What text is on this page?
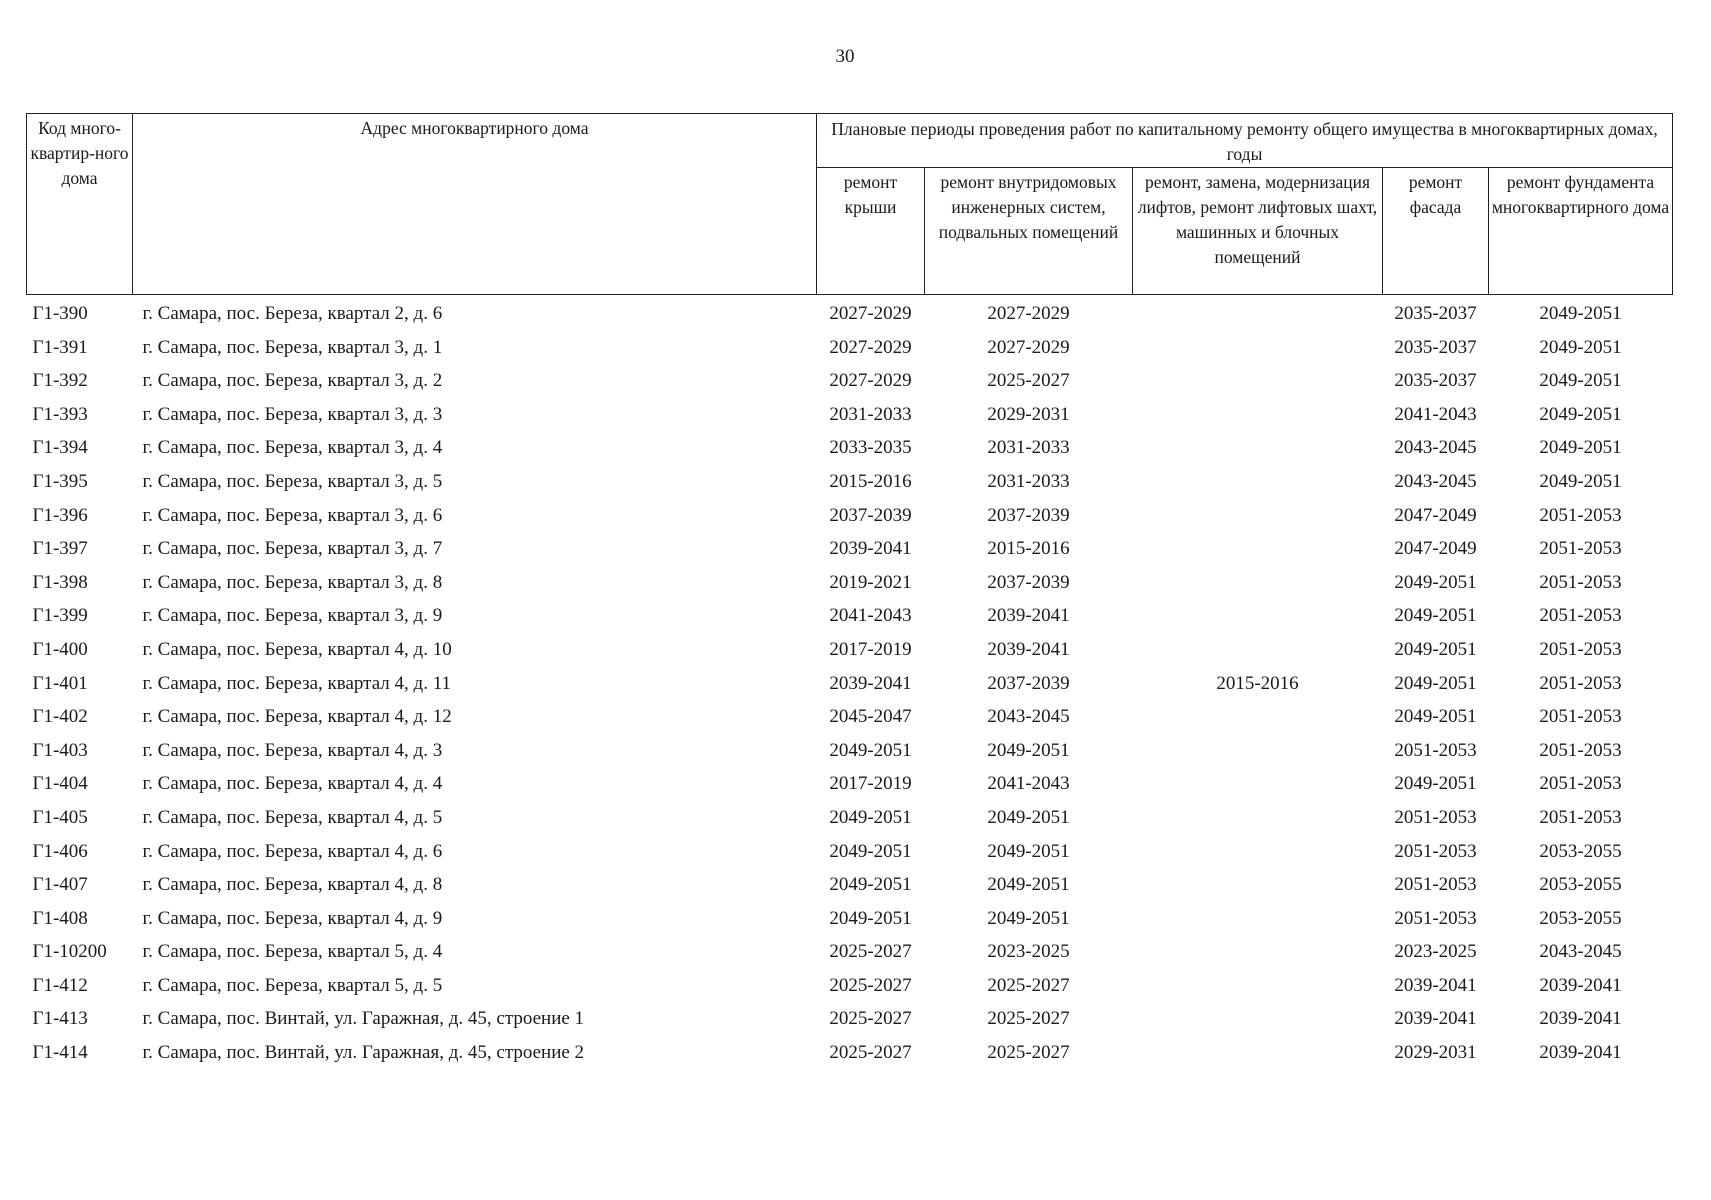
30
Код много-квартир-ного дома	Адрес многоквартирного дома	Плановые периоды проведения работ по капитальному ремонту общего имущества в многоквартирных домах, годы				
		ремонт крыши	ремонт внутридомовых инженерных систем, подвальных помещений	ремонт, замена, модернизация лифтов, ремонт лифтовых шахт, машинных и блочных помещений	ремонт фасада	ремонт фундамента многоквартирного дома
Г1-390	г. Самара, пос. Береза, квартал 2, д. 6	2027-2029	2027-2029		2035-2037	2049-2051
Г1-391	г. Самара, пос. Береза, квартал 3, д. 1	2027-2029	2027-2029		2035-2037	2049-2051
Г1-392	г. Самара, пос. Береза, квартал 3, д. 2	2027-2029	2025-2027		2035-2037	2049-2051
Г1-393	г. Самара, пос. Береза, квартал 3, д. 3	2031-2033	2029-2031		2041-2043	2049-2051
Г1-394	г. Самара, пос. Береза, квартал 3, д. 4	2033-2035	2031-2033		2043-2045	2049-2051
Г1-395	г. Самара, пос. Береза, квартал 3, д. 5	2015-2016	2031-2033		2043-2045	2049-2051
Г1-396	г. Самара, пос. Береза, квартал 3, д. 6	2037-2039	2037-2039		2047-2049	2051-2053
Г1-397	г. Самара, пос. Береза, квартал 3, д. 7	2039-2041	2015-2016		2047-2049	2051-2053
Г1-398	г. Самара, пос. Береза, квартал 3, д. 8	2019-2021	2037-2039		2049-2051	2051-2053
Г1-399	г. Самара, пос. Береза, квартал 3, д. 9	2041-2043	2039-2041		2049-2051	2051-2053
Г1-400	г. Самара, пос. Береза, квартал 4, д. 10	2017-2019	2039-2041		2049-2051	2051-2053
Г1-401	г. Самара, пос. Береза, квартал 4, д. 11	2039-2041	2037-2039	2015-2016	2049-2051	2051-2053
Г1-402	г. Самара, пос. Береза, квартал 4, д. 12	2045-2047	2043-2045		2049-2051	2051-2053
Г1-403	г. Самара, пос. Береза, квартал 4, д. 3	2049-2051	2049-2051		2051-2053	2051-2053
Г1-404	г. Самара, пос. Береза, квартал 4, д. 4	2017-2019	2041-2043		2049-2051	2051-2053
Г1-405	г. Самара, пос. Береза, квартал 4, д. 5	2049-2051	2049-2051		2051-2053	2051-2053
Г1-406	г. Самара, пос. Береза, квартал 4, д. 6	2049-2051	2049-2051		2051-2053	2053-2055
Г1-407	г. Самара, пос. Береза, квартал 4, д. 8	2049-2051	2049-2051		2051-2053	2053-2055
Г1-408	г. Самара, пос. Береза, квартал 4, д. 9	2049-2051	2049-2051		2051-2053	2053-2055
Г1-10200	г. Самара, пос. Береза, квартал 5, д. 4	2025-2027	2023-2025		2023-2025	2043-2045
Г1-412	г. Самара, пос. Береза, квартал 5, д. 5	2025-2027	2025-2027		2039-2041	2039-2041
Г1-413	г. Самара, пос. Винтай, ул. Гаражная, д. 45, строение 1	2025-2027	2025-2027		2039-2041	2039-2041
Г1-414	г. Самара, пос. Винтай, ул. Гаражная, д. 45, строение 2	2025-2027	2025-2027		2029-2031	2039-2041
